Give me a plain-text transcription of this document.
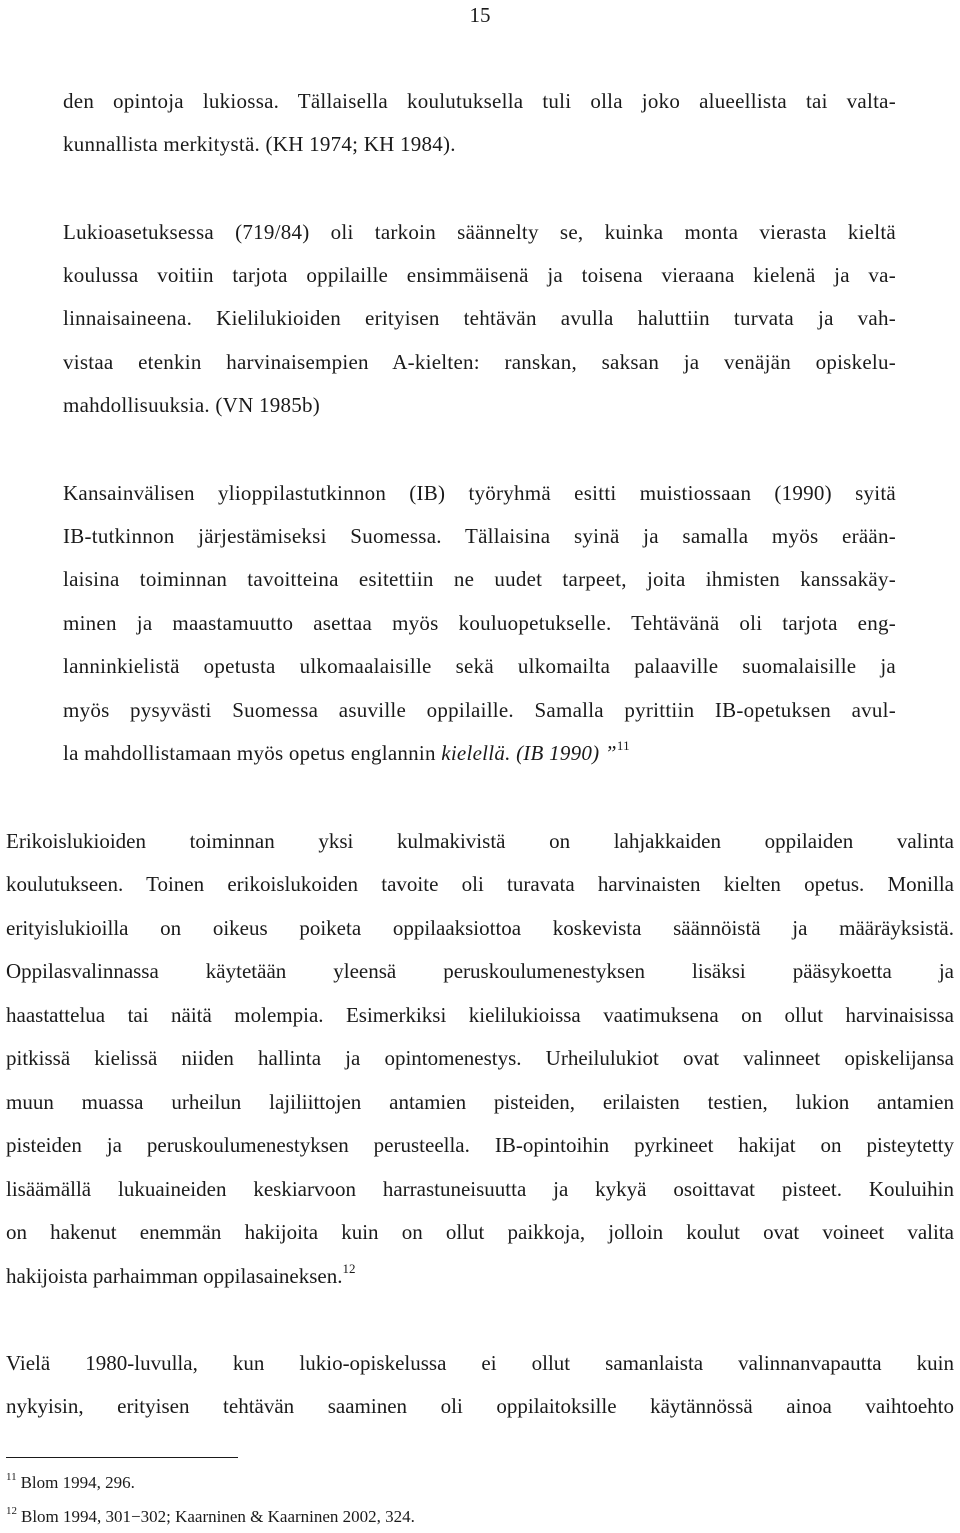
15
den opintoja lukiossa. Tällaisella koulutuksella tuli olla joko alueellista tai valta-
kunnallista merkitystä. (KH 1974; KH 1984).
Lukioasetuksessa (719/84) oli tarkoin säännelty se, kuinka monta vierasta kieltä
koulussa voitiin tarjota oppilaille ensimmäisenä ja toisena vieraana kielenä ja va-
linnaisaineena. Kielilukioiden erityisen tehtävän avulla haluttiin turvata ja vah-
vistaa etenkin harvinaisempien A-kielten: ranskan, saksan ja venäjän opiskelu-
mahdollisuuksia. (VN 1985b)
Kansainvälisen ylioppilastutkinnon (IB) työryhmä esitti muistiossaan (1990) syitä
IB-tutkinnon järjestämiseksi Suomessa. Tällaisina syinä ja samalla myös erään-
laisina toiminnan tavoitteina esitettiin ne uudet tarpeet, joita ihmisten kanssakäy-
minen ja maastamuutto asettaa myös kouluopetukselle. Tehtävänä oli tarjota eng-
lanninkielistä opetusta ulkomaalaisille sekä ulkomailta palaaville suomalaisille ja
myös pysyvästi Suomessa asuville oppilaille. Samalla pyrittiin IB-opetuksen avul-
la mahdollistamaan myös opetus englannin kielellä. (IB 1990) ”$^{11}$
Erikoislukioiden toiminnan yksi kulmakivistä on lahjakkaiden oppilaiden valinta
koulutukseen. Toinen erikoislukoiden tavoite oli turavata harvinaisten kielten opetus. Monilla
erityislukioilla on oikeus poiketa oppilaaksiottoa koskevista säännöistä ja määräyksistä.
Oppilasvalinnassa käytetään yleensä peruskoulumenestyksen lisäksi pääsykoetta ja
haastattelua tai näitä molempia. Esimerkiksi kielilukioissa vaatimuksena on ollut harvinaisissa
pitkissä kielissä niiden hallinta ja opintomenestys. Urheilulukiot ovat valinneet opiskelijansa
muun muassa urheilun lajiliittojen antamien pisteiden, erilaisten testien, lukion antamien
pisteiden ja peruskoulumenestyksen perusteella. IB-opintoihin pyrkineet hakijat on pisteytetty
lisäämällä lukuaineiden keskiarvoon harrastuneisuutta ja kykyä osoittavat pisteet. Kouluihin
on hakenut enemmän hakijoita kuin on ollut paikkoja, jolloin koulut ovat voineet valita
hakijoista parhaimman oppilasaineksen.$^{12}$
Vielä 1980-luvulla, kun lukio-opiskelussa ei ollut samanlaista valinnanvapautta kuin
nykyisin, erityisen tehtävän saaminen oli oppilaitoksille käytännössä ainoa vaihtoehto
$^{11}$ Blom 1994, 296.
$^{12}$ Blom 1994, 301−302; Kaarninen & Kaarninen 2002, 324.
